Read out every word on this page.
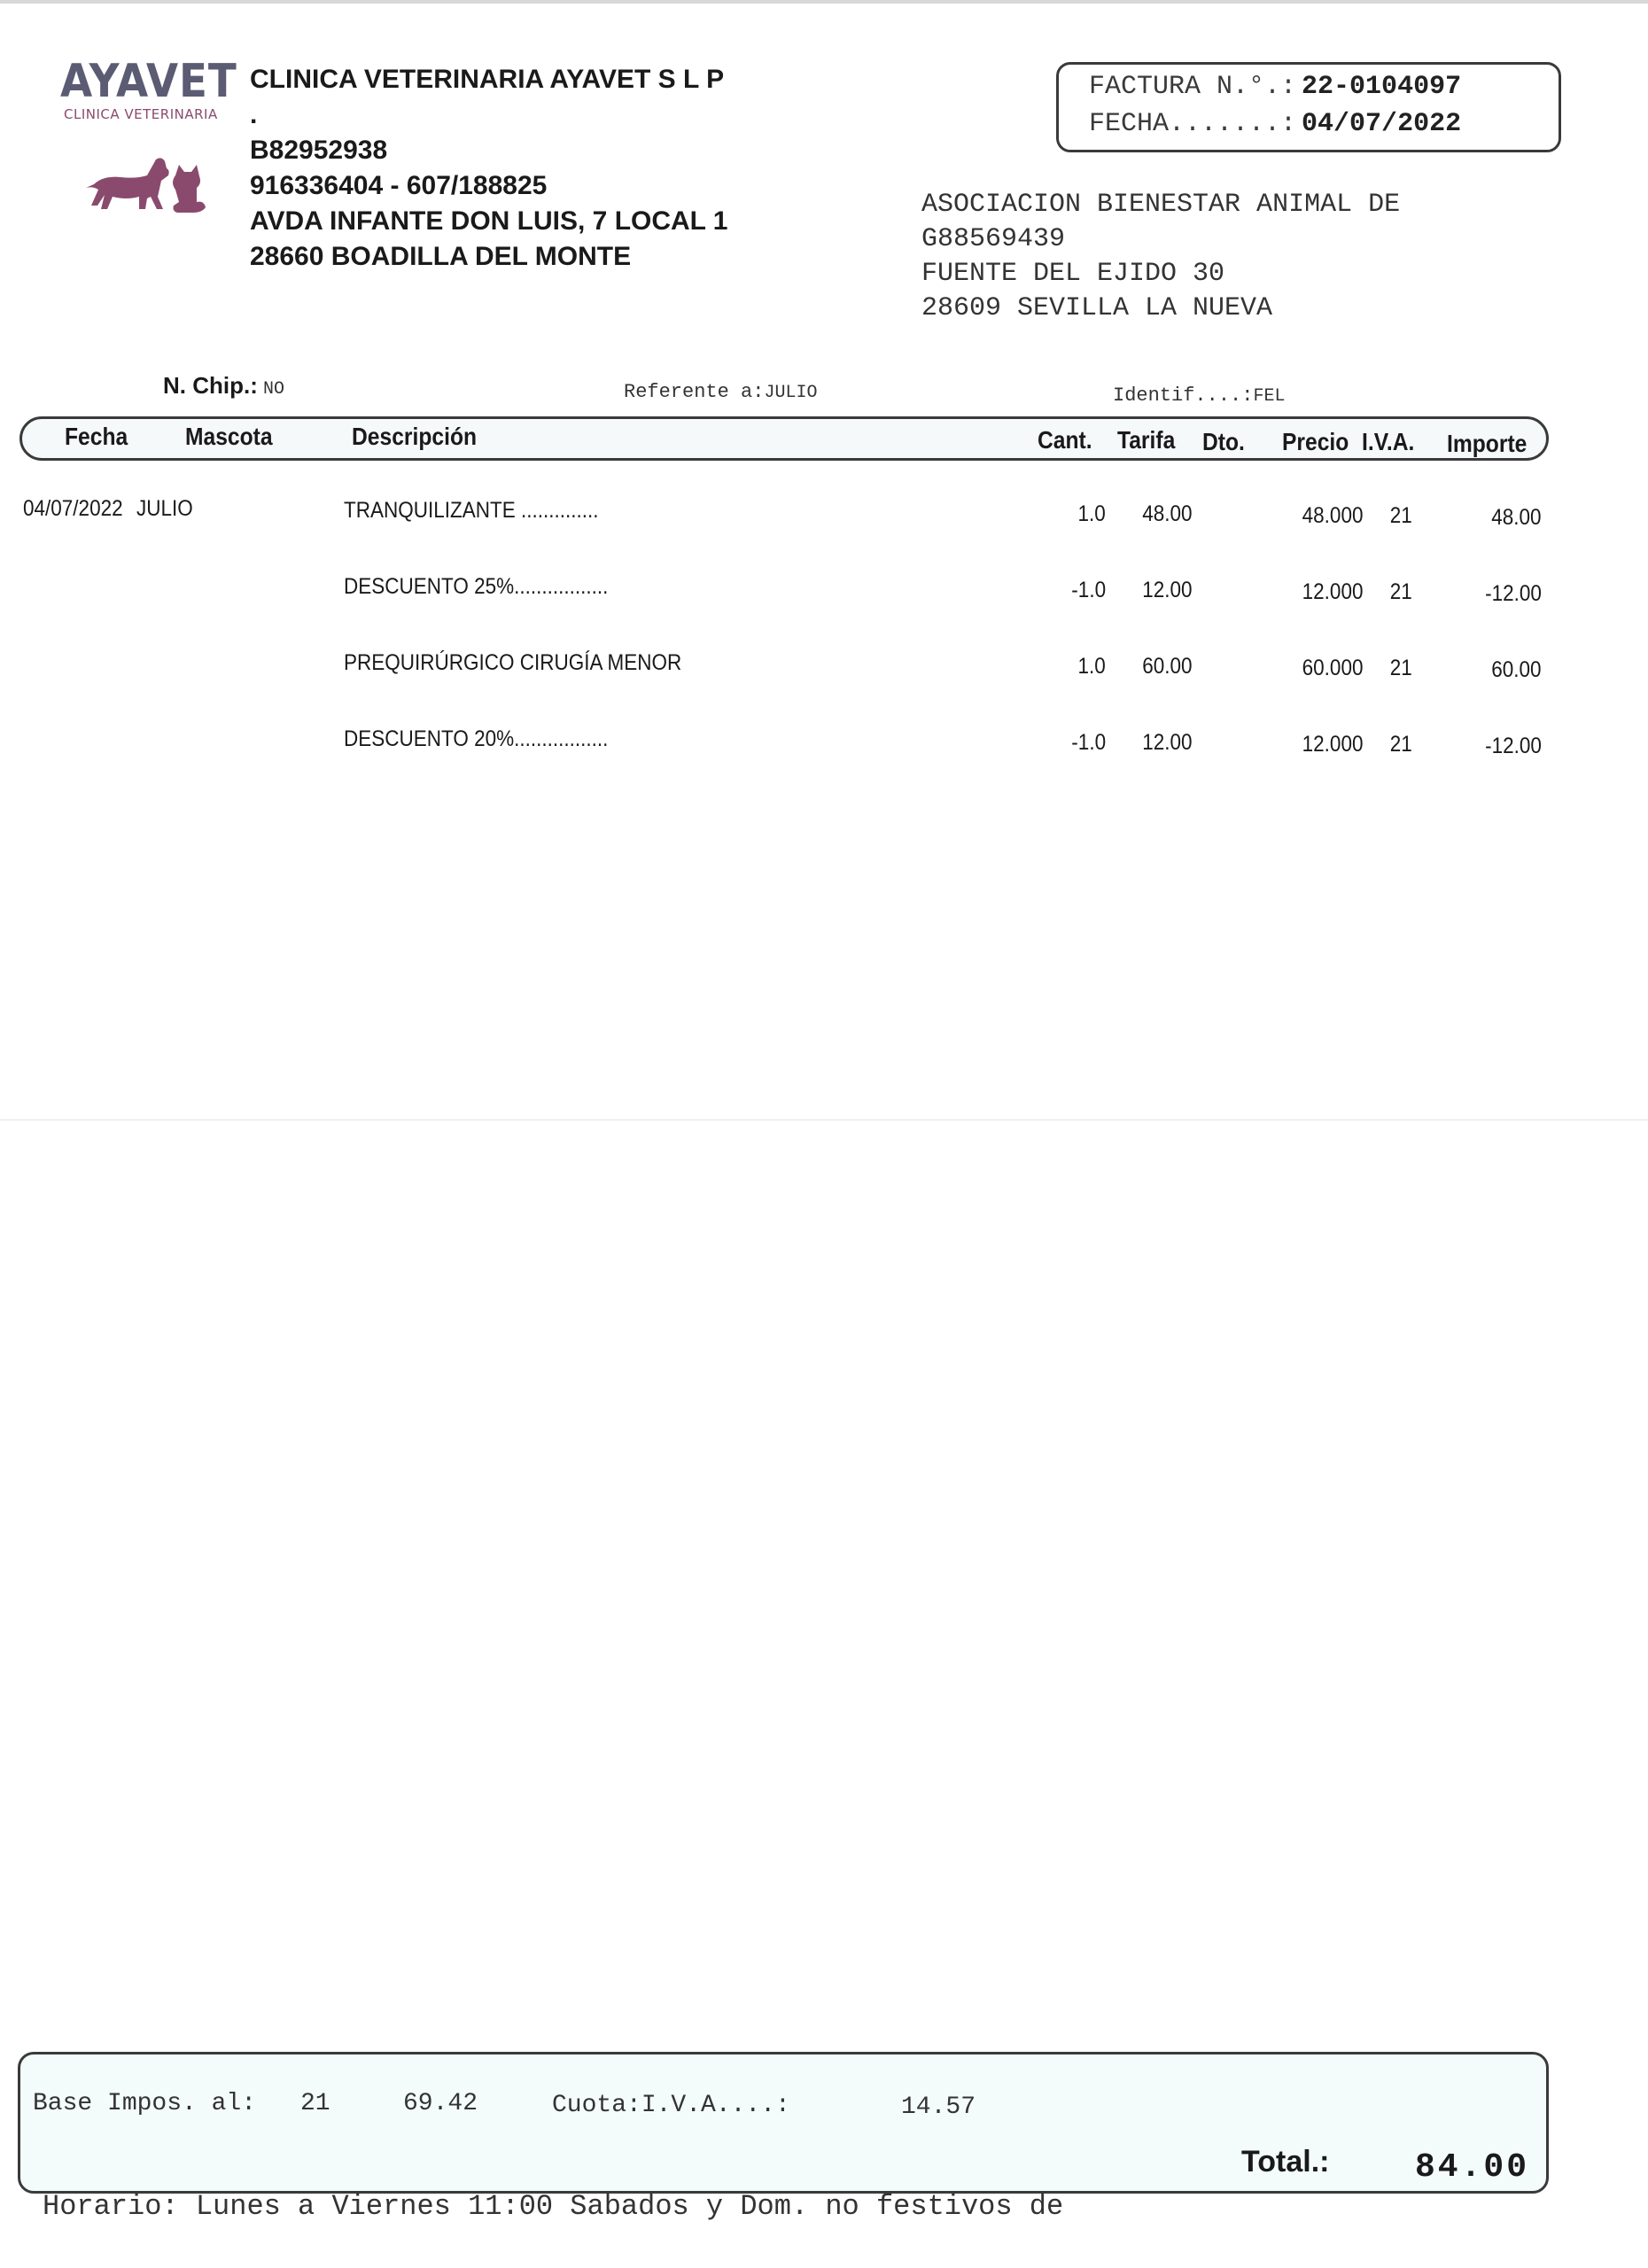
AYAVET
CLINICA VETERINARIA
CLINICA VETERINARIA AYAVET S L P
.
B82952938
916336404 - 607/188825
AVDA INFANTE DON LUIS, 7 LOCAL 1
28660 BOADILLA DEL MONTE
FACTURA N.°.: 22-0104097
FECHA.......: 04/07/2022
ASOCIACION BIENESTAR ANIMAL DE
G88569439
FUENTE DEL EJIDO 30
28609 SEVILLA LA NUEVA
N. Chip.: NO	Referente a:JULIO	Identif....:FEL
Fecha Mascota	Descripción	Cant. Tarifa Dto. Precio I.V.A. Importe
04/07/2022 JULIO	TRANQUILIZANTE ..............	1.0 48.00	48.000 21	48.00
DESCUENTO 25%.................	-1.0 12.00	12.000 21	-12.00
PREQUIRÚRGICO CIRUGÍA MENOR	1.0 60.00	60.000 21	60.00
DESCUENTO 20%.................	-1.0 12.00	12.000 21	-12.00
Base Impos. al: 21	69.42	Cuota:I.V.A....:	14.57
Total.:	84.00
Horario: Lunes a Viernes 11:00 Sabados y Dom. no festivos de
